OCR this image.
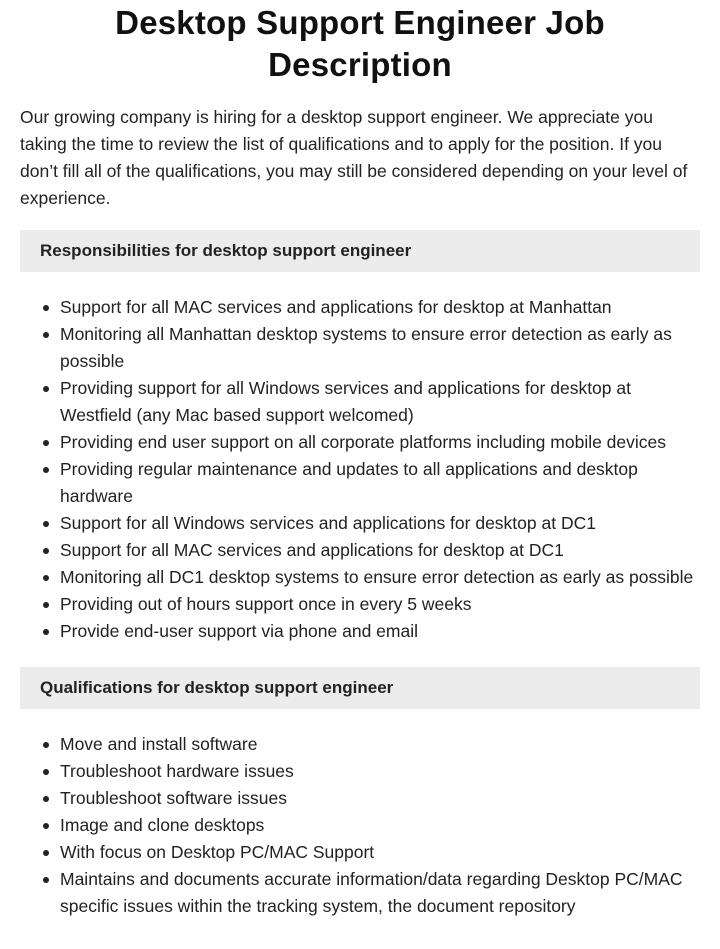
Desktop Support Engineer Job Description

Our growing company is hiring for a desktop support engineer. We appreciate you taking the time to review the list of qualifications and to apply for the position. If you don’t fill all of the qualifications, you may still be considered depending on your level of experience.

Responsibilities for desktop support engineer
Support for all MAC services and applications for desktop at Manhattan
Monitoring all Manhattan desktop systems to ensure error detection as early as possible
Providing support for all Windows services and applications for desktop at Westfield (any Mac based support welcomed)
Providing end user support on all corporate platforms including mobile devices
Providing regular maintenance and updates to all applications and desktop hardware
Support for all Windows services and applications for desktop at DC1
Support for all MAC services and applications for desktop at DC1
Monitoring all DC1 desktop systems to ensure error detection as early as possible
Providing out of hours support once in every 5 weeks
Provide end-user support via phone and email
Qualifications for desktop support engineer
Move and install software
Troubleshoot hardware issues
Troubleshoot software issues
Image and clone desktops
With focus on Desktop PC/MAC Support
Maintains and documents accurate information/data regarding Desktop PC/MAC specific issues within the tracking system, the document repository
